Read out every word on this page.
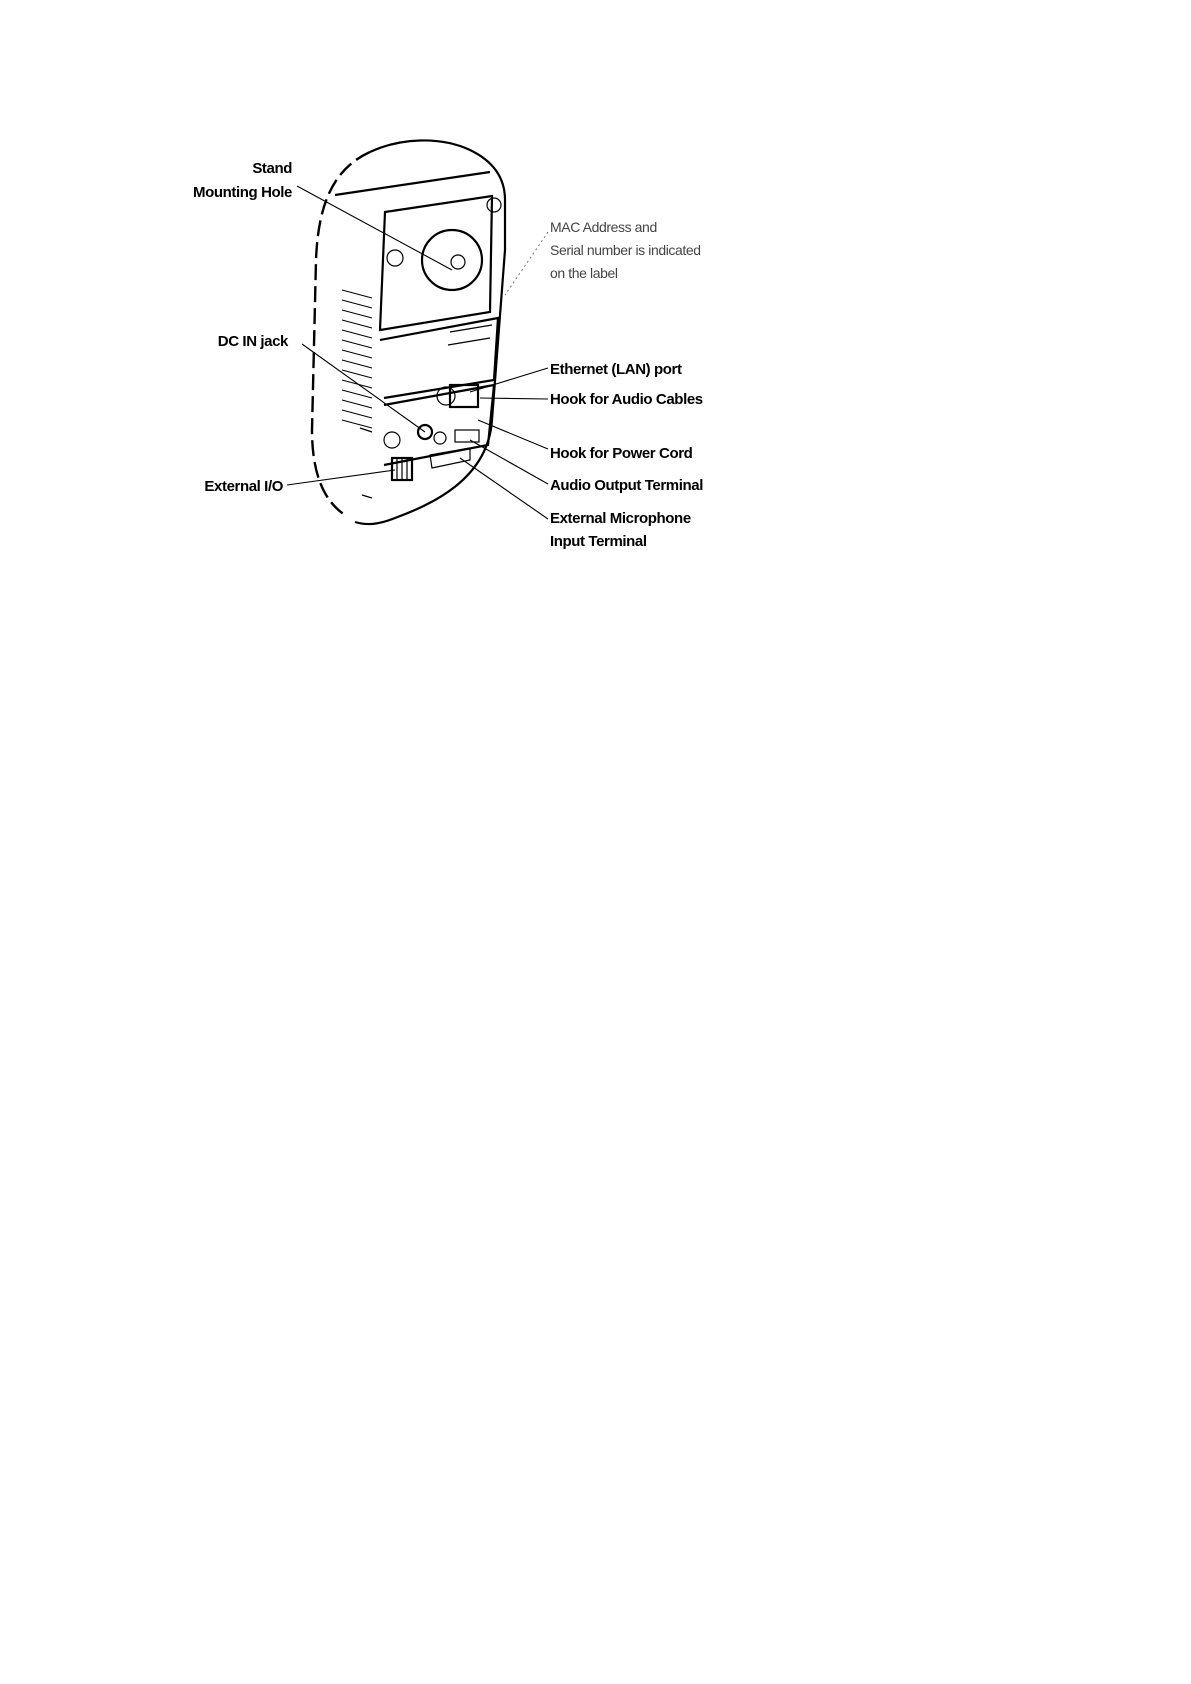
Stand
Mounting Hole
MAC Address and
Serial number is indicated
on the label
DC IN jack
Ethernet (LAN) port
Hook for Audio Cables
Hook for Power Cord
Audio Output Terminal
External I/O
External Microphone
Input Terminal
